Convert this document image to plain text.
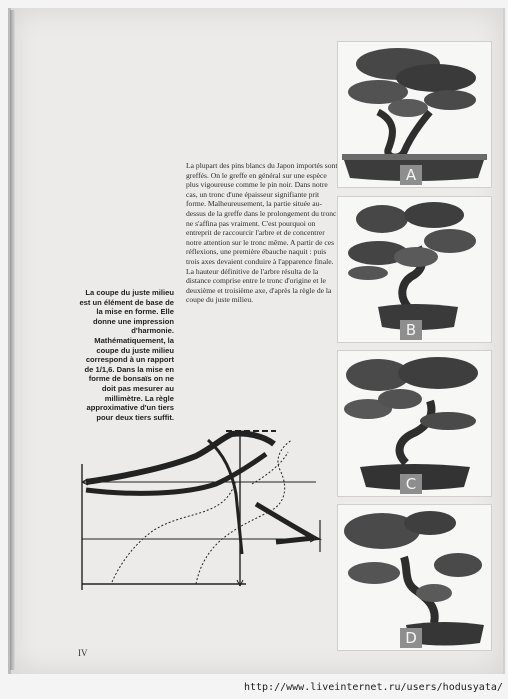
La plupart des pins blancs du Japon importés sont greffés. On le greffe en général sur une espèce plus vigoureuse comme le pin noir. Dans notre cas, un tronc d'une épaisseur signifiante prit forme. Malheureusement, la partie située au-dessus de la greffe dans le prolongement du tronc ne s'affina pas vraiment. C'est pourquoi on entreprit de raccourcir l'arbre et de concentrer notre attention sur le tronc même. A partir de ces réflexions, une première ébauche naquit : puis trois axes devaient conduire à l'apparence finale. La hauteur définitive de l'arbre résulta de la distance comprise entre le tronc d'origine et le deuxième et troisième axe, d'après la règle de la coupe du juste milieu.

La coupe du juste milieu est un élément de base de la mise en forme. Elle donne une impression d'harmonie. Mathématiquement, la coupe du juste milieu correspond à un rapport de 1/1,6. Dans la mise en forme de bonsaïs on ne doit pas mesurer au millimètre. La règle approximative d'un tiers pour deux tiers suffit.

A
B
C
D
IV
http://www.liveinternet.ru/users/hodusyata/
